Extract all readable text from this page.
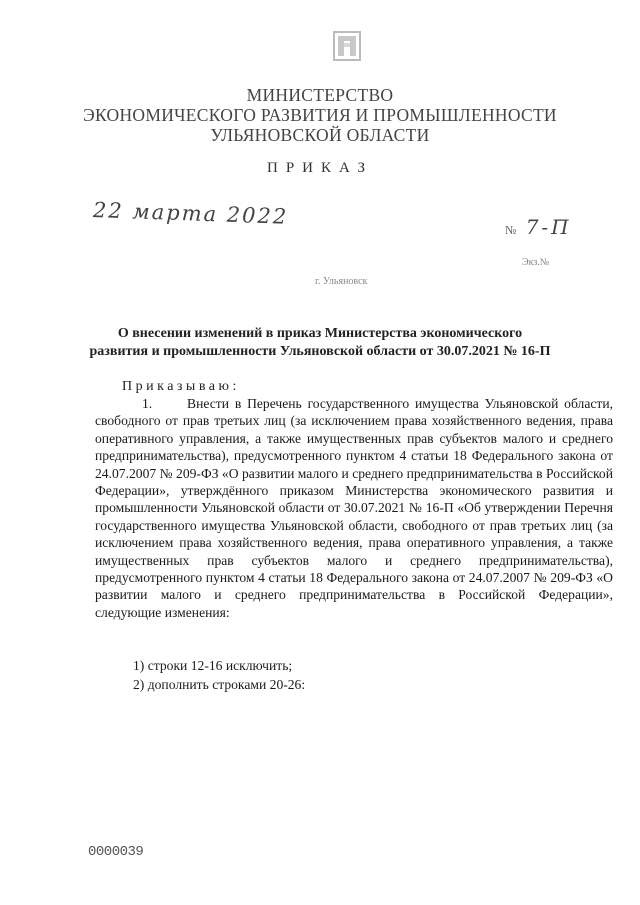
МИНИСТЕРСТВО
ЭКОНОМИЧЕСКОГО РАЗВИТИЯ И ПРОМЫШЛЕННОСТИ
УЛЬЯНОВСКОЙ ОБЛАСТИ
ПРИКАЗ
22 марта 2022
№ 7-П
Экз.№
г. Ульяновск
О внесении изменений в приказ Министерства экономического
развития и промышленности Ульяновской области от 30.07.2021 № 16-П
Приказываю:

1.      Внести в Перечень государственного имущества Ульяновской области, свободного от прав третьих лиц (за исключением права хозяйственного ведения, права оперативного управления, а также имущественных прав субъектов малого и среднего предпринимательства), предусмотренного пунктом 4 статьи 18 Федерального закона от 24.07.2007 № 209-ФЗ «О развитии малого и среднего предпринимательства в Российской Федерации», утверждённого приказом Министерства экономического развития и промышленности Ульяновской области от 30.07.2021 № 16-П «Об утверждении Перечня государственного имущества Ульяновской области, свободного от прав третьих лиц (за исключением права хозяйственного ведения, права оперативного управления, а также имущественных прав субъектов малого и среднего предпринимательства), предусмотренного пунктом 4 статьи 18 Федерального закона от 24.07.2007 № 209-ФЗ «О развитии малого и среднего предпринимательства в Российской Федерации», следующие изменения:

1) строки 12-16 исключить;
2) дополнить строками 20-26:
0000039
